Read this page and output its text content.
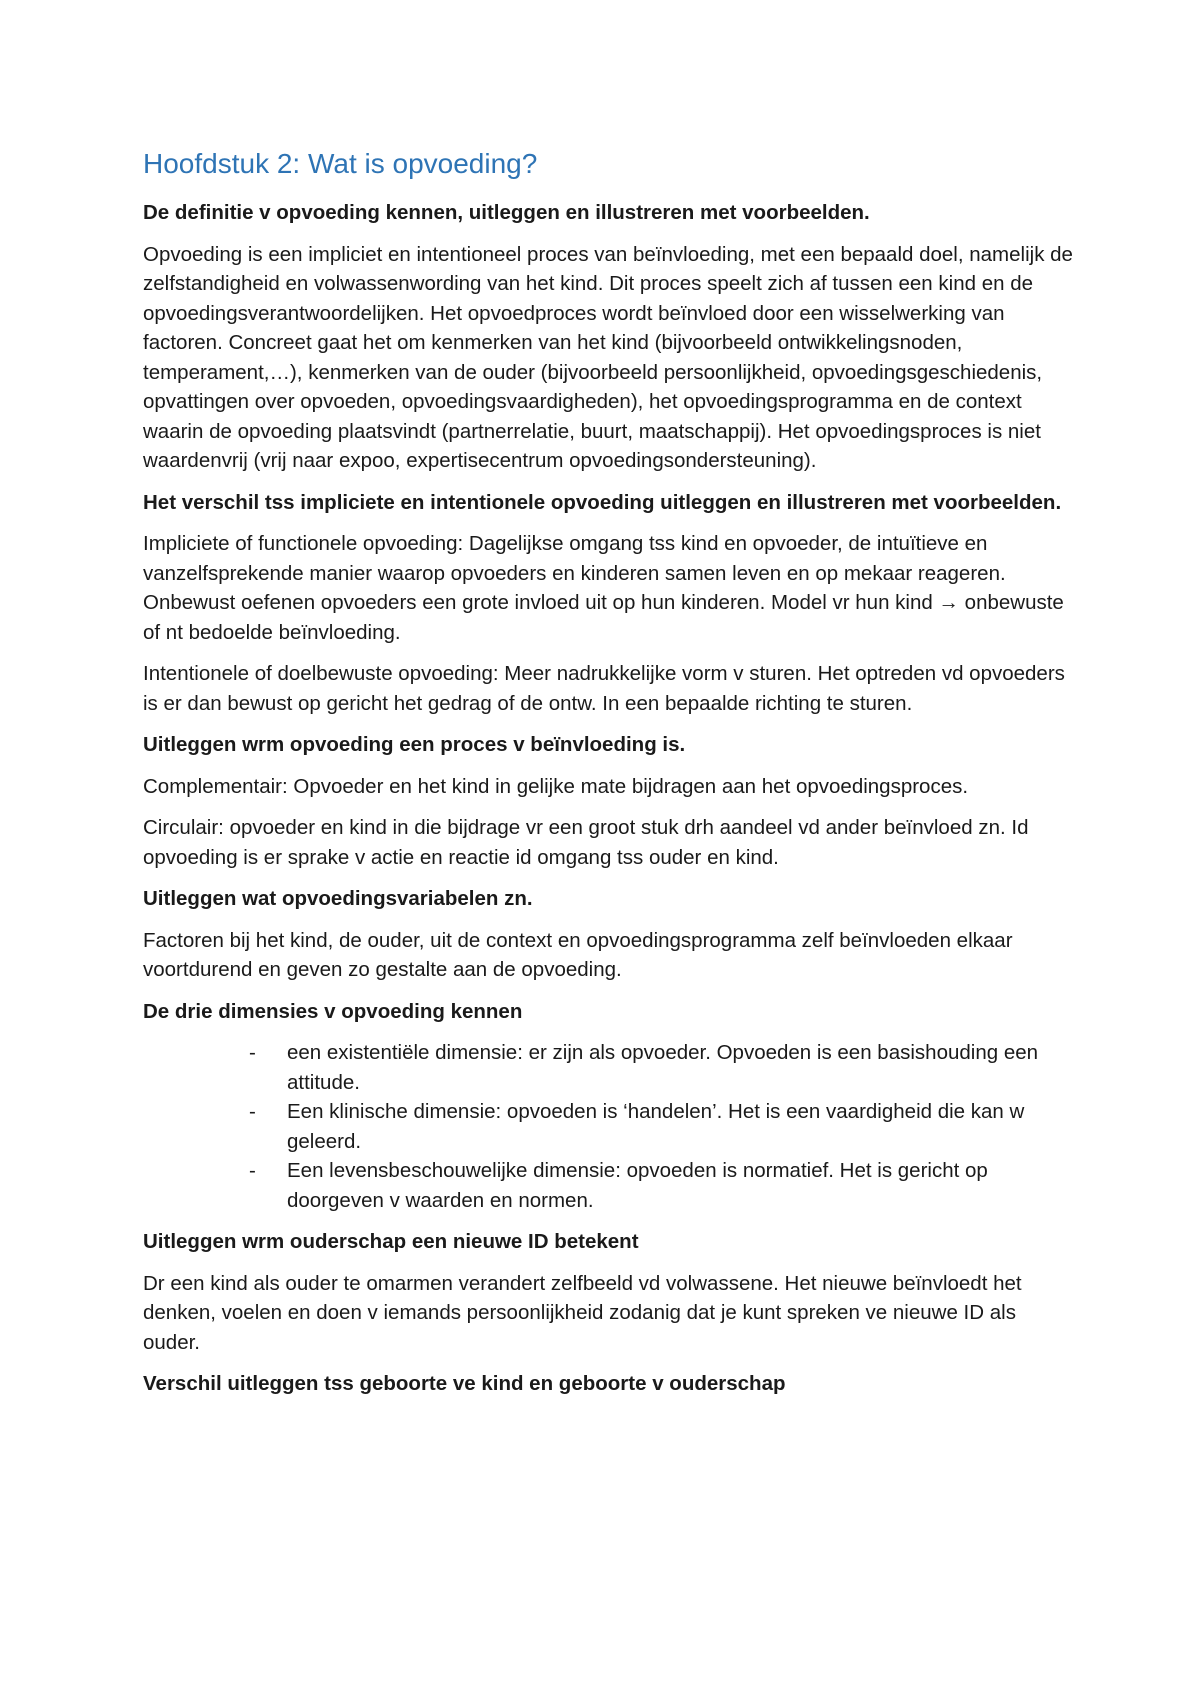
Hoofdstuk 2: Wat is opvoeding?

De definitie v opvoeding kennen, uitleggen en illustreren met voorbeelden.

Opvoeding is een impliciet en intentioneel proces van beïnvloeding, met een bepaald doel, namelijk de zelfstandigheid en volwassenwording van het kind. Dit proces speelt zich af tussen een kind en de opvoedingsverantwoordelijken. Het opvoedproces wordt beïnvloed door een wisselwerking van factoren. Concreet gaat het om kenmerken van het kind (bijvoorbeeld ontwikkelingsnoden, temperament,…), kenmerken van de ouder (bijvoorbeeld persoonlijkheid, opvoedingsgeschiedenis, opvattingen over opvoeden, opvoedingsvaardigheden), het opvoedingsprogramma en de context waarin de opvoeding plaatsvindt (partnerrelatie, buurt, maatschappij). Het opvoedingsproces is niet waardenvrij (vrij naar expoo, expertisecentrum opvoedingsondersteuning).

Het verschil tss impliciete en intentionele opvoeding uitleggen en illustreren met voorbeelden.

Impliciete of functionele opvoeding: Dagelijkse omgang tss kind en opvoeder, de intuïtieve en vanzelfsprekende manier waarop opvoeders en kinderen samen leven en op mekaar reageren. Onbewust oefenen opvoeders een grote invloed uit op hun kinderen. Model vr hun kind → onbewuste of nt bedoelde beïnvloeding.

Intentionele of doelbewuste opvoeding: Meer nadrukkelijke vorm v sturen. Het optreden vd opvoeders is er dan bewust op gericht het gedrag of de ontw. In een bepaalde richting te sturen.

Uitleggen wrm opvoeding een proces v beïnvloeding is.

Complementair: Opvoeder en het kind in gelijke mate bijdragen aan het opvoedingsproces.

Circulair: opvoeder en kind in die bijdrage vr een groot stuk drh aandeel vd ander beïnvloed zn. Id opvoeding is er sprake v actie en reactie id omgang tss ouder en kind.

Uitleggen wat opvoedingsvariabelen zn.

Factoren bij het kind, de ouder, uit de context en opvoedingsprogramma zelf beïnvloeden elkaar voortdurend en geven zo gestalte aan de opvoeding.

De drie dimensies v opvoeding kennen

- een existentiële dimensie: er zijn als opvoeder. Opvoeden is een basishouding een attitude.
- Een klinische dimensie: opvoeden is ‘handelen’. Het is een vaardigheid die kan w geleerd.
- Een levensbeschouwelijke dimensie: opvoeden is normatief. Het is gericht op doorgeven v waarden en normen.

Uitleggen wrm ouderschap een nieuwe ID betekent

Dr een kind als ouder te omarmen verandert zelfbeeld vd volwassene. Het nieuwe beïnvloedt het denken, voelen en doen v iemands persoonlijkheid zodanig dat je kunt spreken ve nieuwe ID als ouder.

Verschil uitleggen tss geboorte ve kind en geboorte v ouderschap
